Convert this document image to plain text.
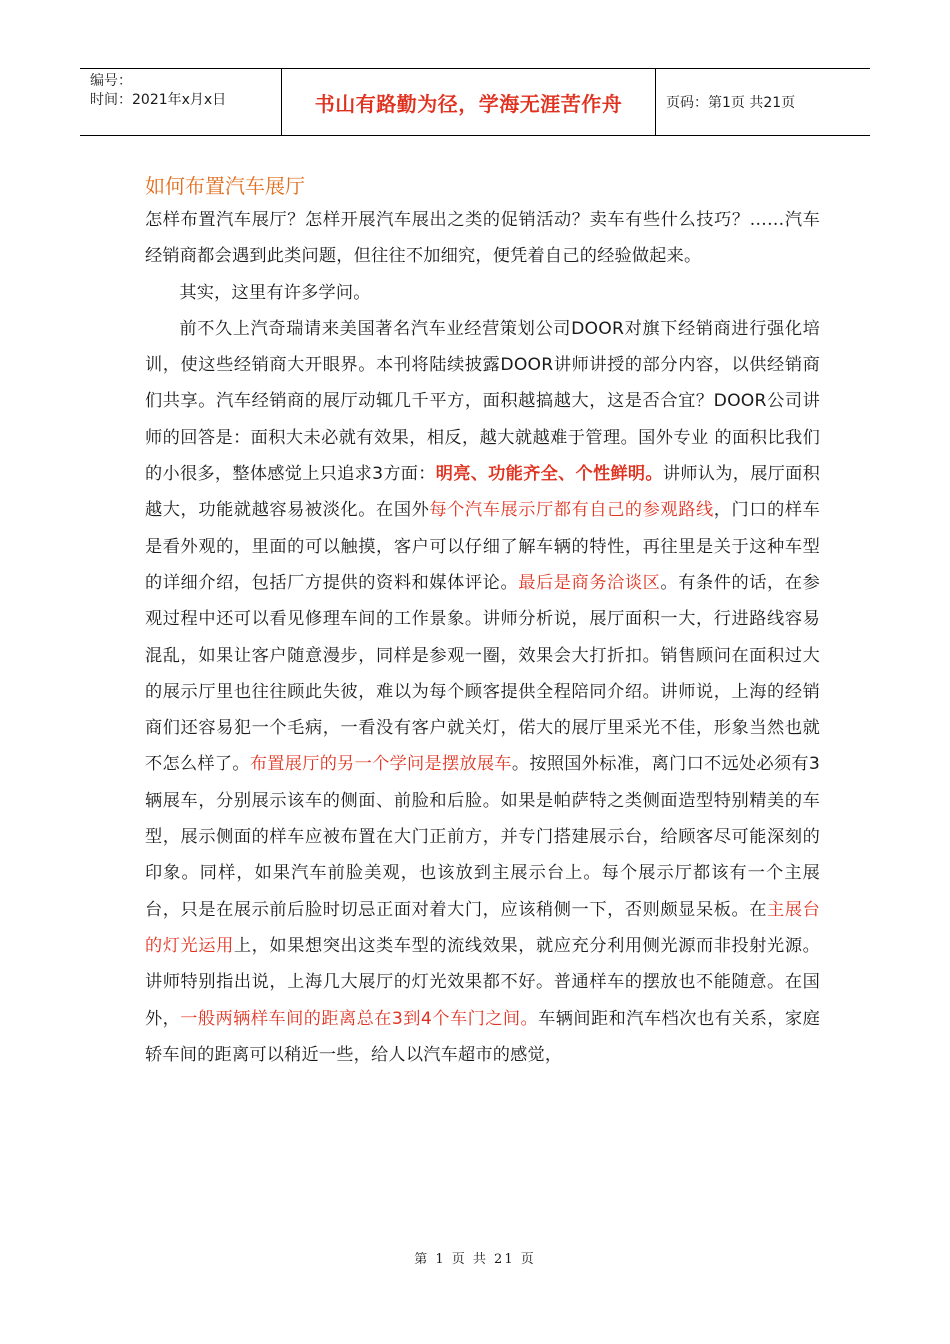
编号：
时间：2021年x月x日	书山有路勤为径，学海无涯苦作舟	页码：第1页 共21页
如何布置汽车展厅

怎样布置汽车展厅？怎样开展汽车展出之类的促销活动？卖车有些什么技巧？……汽车经销商都会遇到此类问题，但往往不加细究，便凭着自己的经验做起来。

其实，这里有许多学问。

前不久上汽奇瑞请来美国著名汽车业经营策划公司DOOR对旗下经销商进行强化培训，使这些经销商大开眼界。本刊将陆续披露DOOR讲师讲授的部分内容，以供经销商们共享。汽车经销商的展厅动辄几千平方，面积越搞越大，这是否合宜？DOOR公司讲师的回答是：面积大未必就有效果，相反，越大就越难于管理。国外专业 的面积比我们的小很多，整体感觉上只追求3方面：明亮、功能齐全、个性鲜明。讲师认为，展厅面积越大，功能就越容易被淡化。在国外每个汽车展示厅都有自己的参观路线，门口的样车是看外观的，里面的可以触摸，客户可以仔细了解车辆的特性，再往里是关于这种车型的详细介绍，包括厂方提供的资料和媒体评论。最后是商务洽谈区。有条件的话，在参观过程中还可以看见修理车间的工作景象。讲师分析说，展厅面积一大，行进路线容易混乱，如果让客户随意漫步，同样是参观一圈，效果会大打折扣。销售顾问在面积过大的展示厅里也往往顾此失彼，难以为每个顾客提供全程陪同介绍。讲师说，上海的经销商们还容易犯一个毛病，一看没有客户就关灯，偌大的展厅里采光不佳，形象当然也就不怎么样了。布置展厅的另一个学问是摆放展车。按照国外标准，离门口不远处必须有3辆展车，分别展示该车的侧面、前脸和后脸。如果是帕萨特之类侧面造型特别精美的车型，展示侧面的样车应被布置在大门正前方，并专门搭建展示台，给顾客尽可能深刻的印象。同样，如果汽车前脸美观，也该放到主展示台上。每个展示厅都该有一个主展台，只是在展示前后脸时切忌正面对着大门，应该稍侧一下，否则颇显呆板。在主展台的灯光运用上，如果想突出这类车型的流线效果，就应充分利用侧光源而非投射光源。讲师特别指出说，上海几大展厅的灯光效果都不好。普通样车的摆放也不能随意。在国外，一般两辆样车间的距离总在3到4个车门之间。车辆间距和汽车档次也有关系，家庭轿车间的距离可以稍近一些，给人以汽车超市的感觉，

第 1 页 共 21 页
